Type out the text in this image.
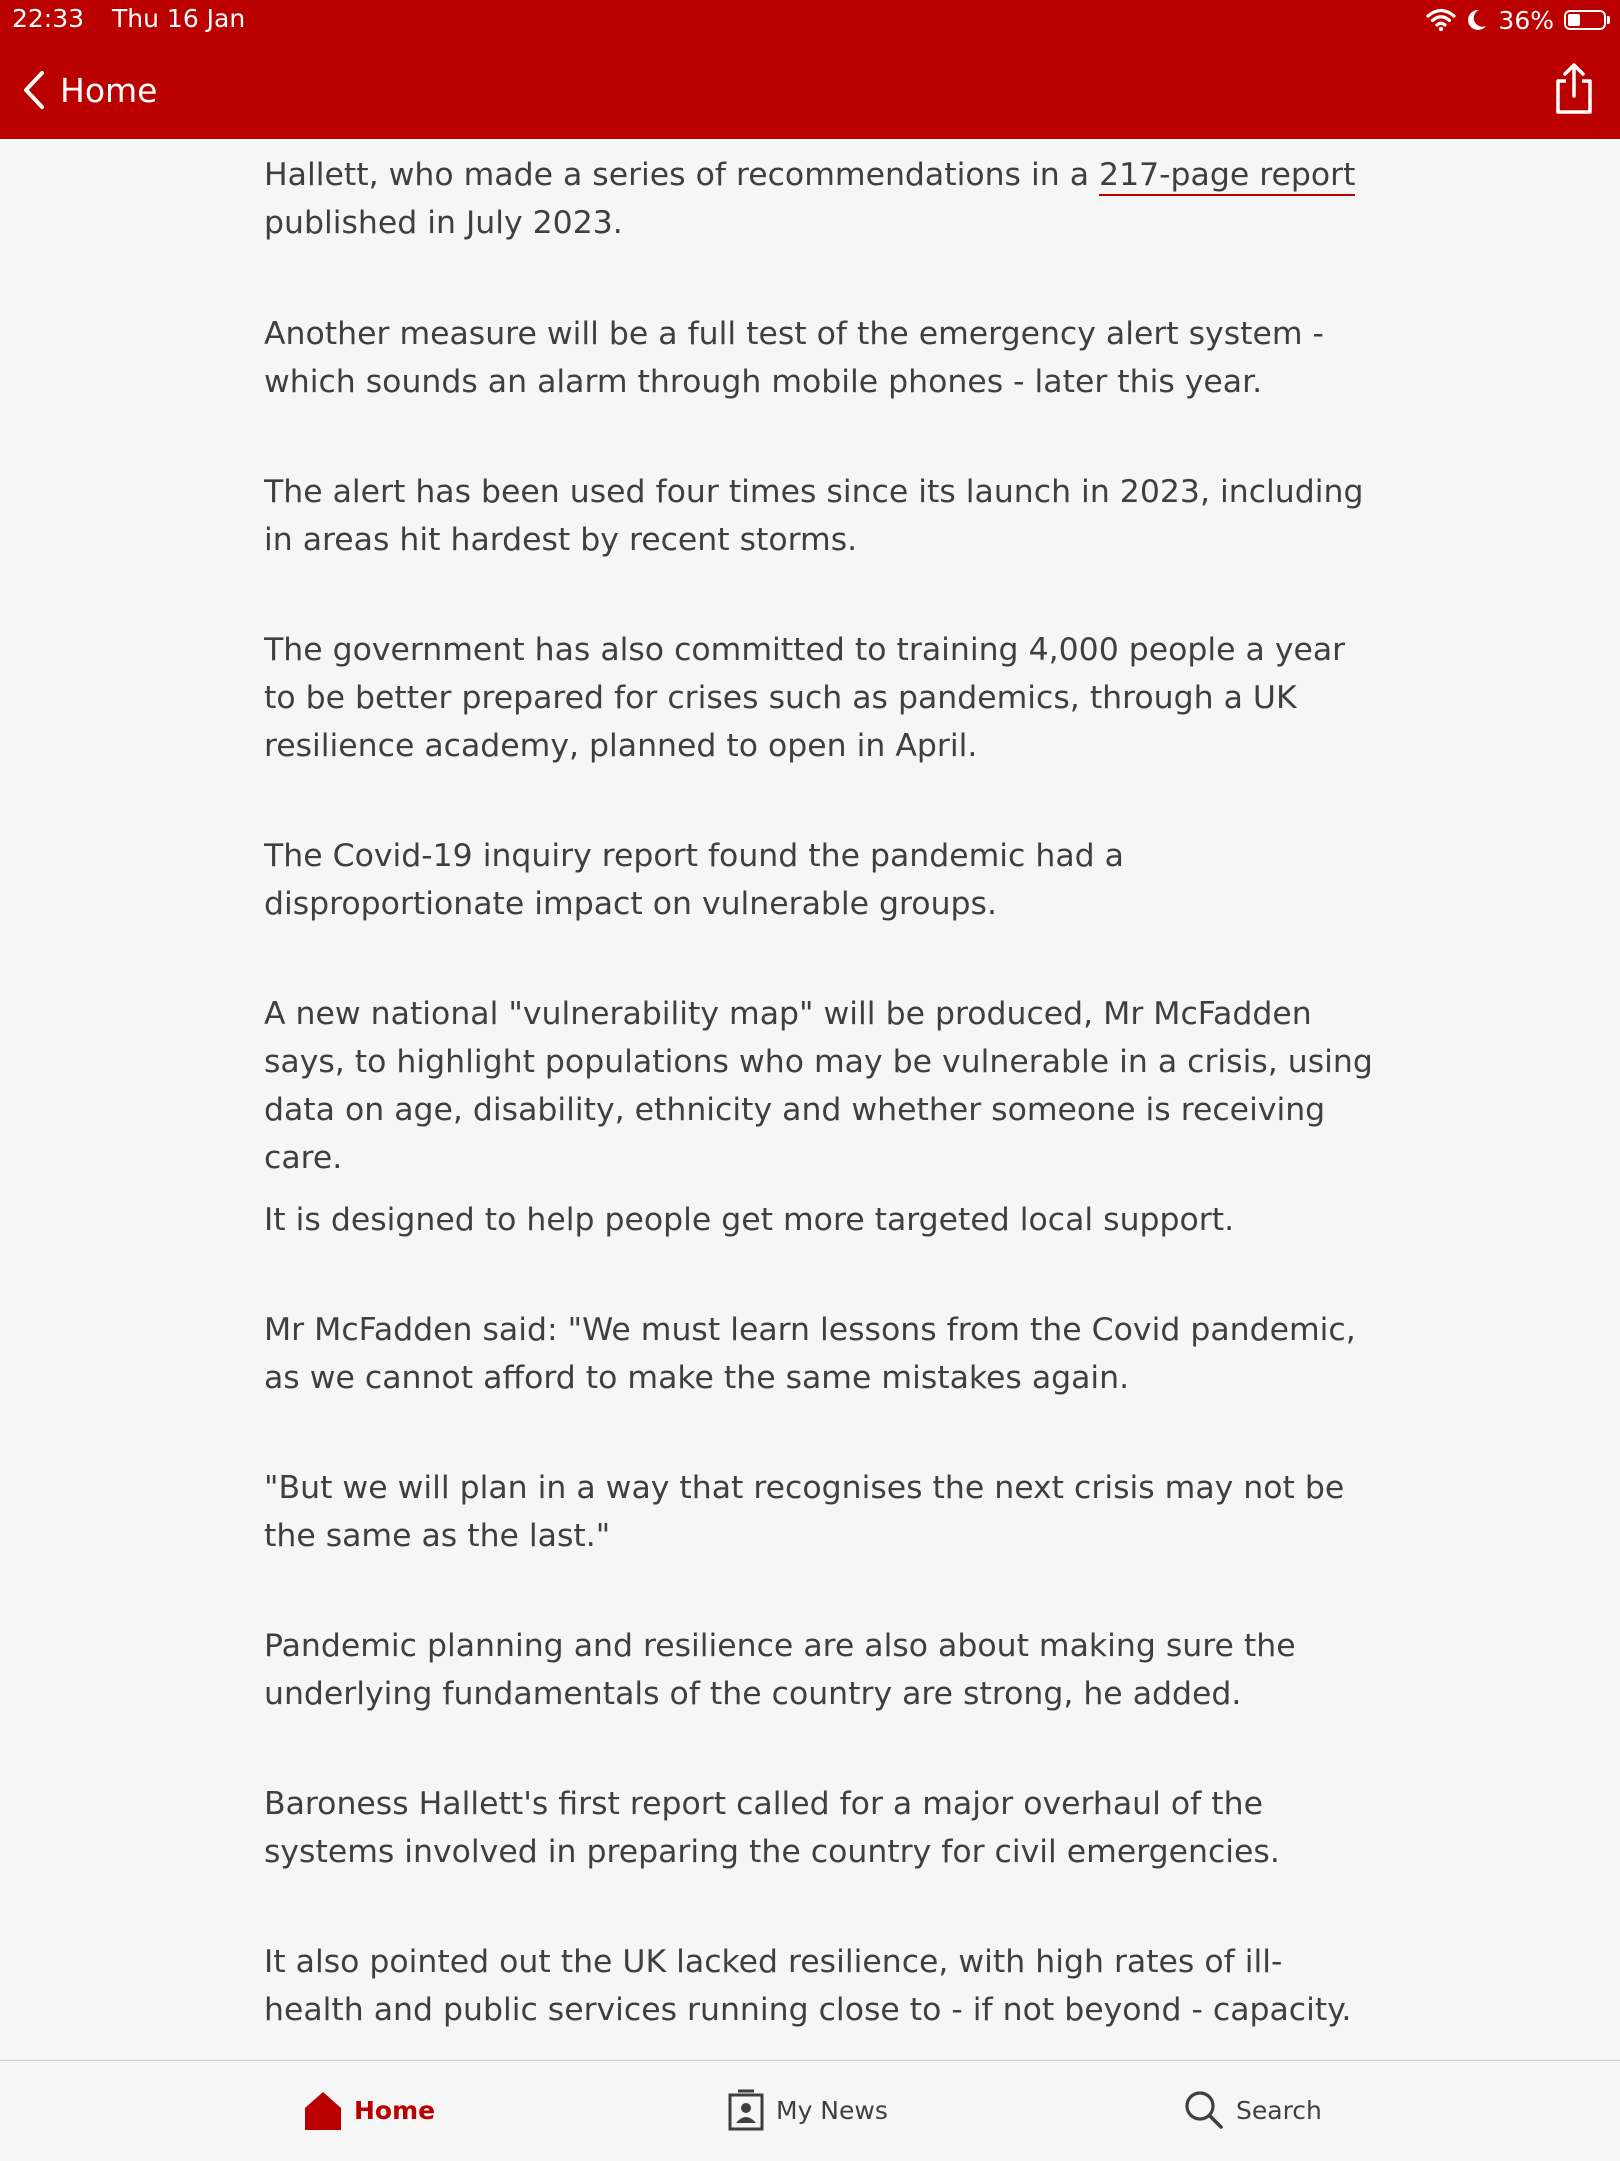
22:33 Thu 16 Jan	36%
Home

Hallett, who made a series of recommendations in a 217-page report
published in July 2023.

Another measure will be a full test of the emergency alert system - which sounds an alarm through mobile phones - later this year.

The alert has been used four times since its launch in 2023, including in areas hit hardest by recent storms.

The government has also committed to training 4,000 people a year to be better prepared for crises such as pandemics, through a UK resilience academy, planned to open in April.

The Covid-19 inquiry report found the pandemic had a disproportionate impact on vulnerable groups.

A new national "vulnerability map" will be produced, Mr McFadden says, to highlight populations who may be vulnerable in a crisis, using data on age, disability, ethnicity and whether someone is receiving care.

It is designed to help people get more targeted local support.

Mr McFadden said: "We must learn lessons from the Covid pandemic, as we cannot afford to make the same mistakes again.

"But we will plan in a way that recognises the next crisis may not be the same as the last."

Pandemic planning and resilience are also about making sure the underlying fundamentals of the country are strong, he added.

Baroness Hallett's first report called for a major overhaul of the systems involved in preparing the country for civil emergencies.

It also pointed out the UK lacked resilience, with high rates of ill-health and public services running close to - if not beyond - capacity.

Home	My News	Search
